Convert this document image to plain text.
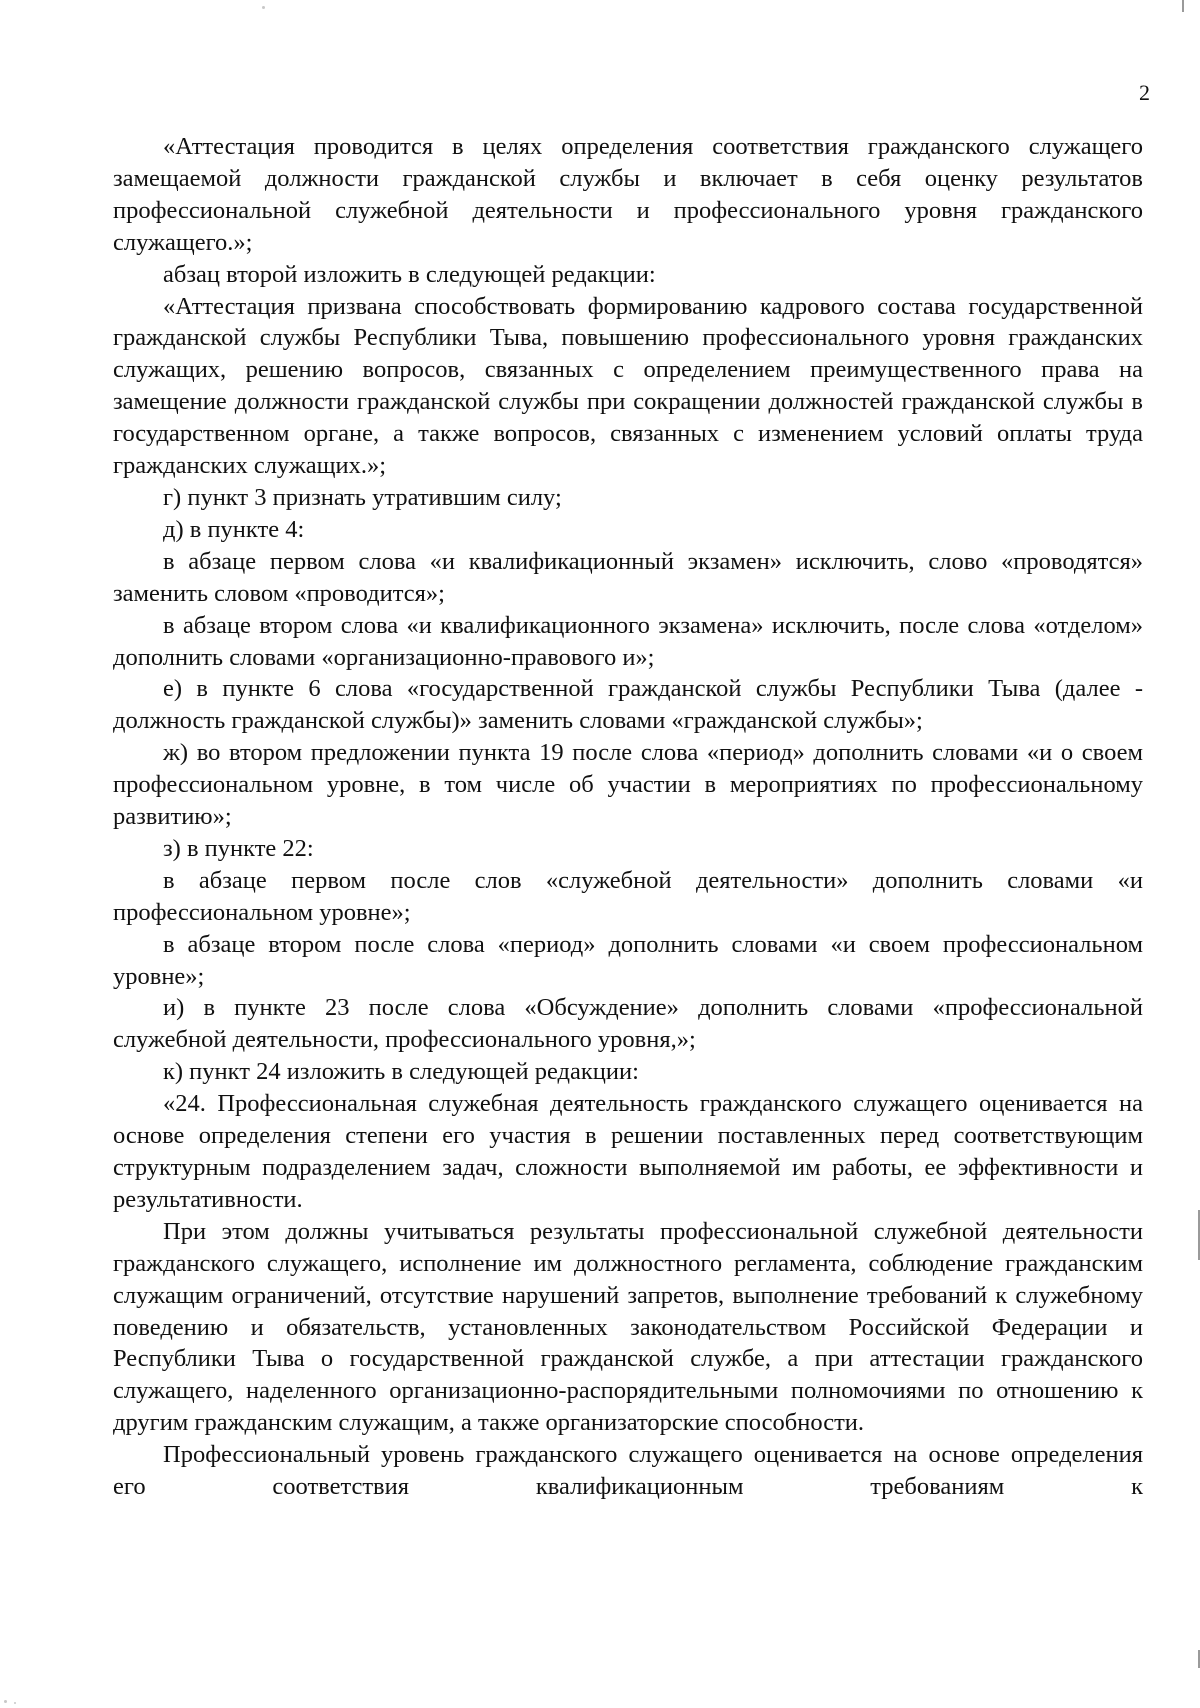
2

«Аттестация проводится в целях определения соответствия гражданского служащего замещаемой должности гражданской службы и включает в себя оценку результатов профессиональной служебной деятельности и профессионального уровня гражданского служащего.»;

абзац второй изложить в следующей редакции:

«Аттестация призвана способствовать формированию кадрового состава государственной гражданской службы Республики Тыва, повышению профессионального уровня гражданских служащих, решению вопросов, связанных с определением преимущественного права на замещение должности гражданской службы при сокращении должностей гражданской службы в государственном органе, а также вопросов, связанных с изменением условий оплаты труда гражданских служащих.»;

г) пункт 3 признать утратившим силу;

д) в пункте 4:

в абзаце первом слова «и квалификационный экзамен» исключить, слово «проводятся» заменить словом «проводится»;

в абзаце втором слова «и квалификационного экзамена» исключить, после слова «отделом» дополнить словами «организационно-правового и»;

е) в пункте 6 слова «государственной гражданской службы Республики Тыва (далее - должность гражданской службы)» заменить словами «гражданской службы»;

ж) во втором предложении пункта 19 после слова «период» дополнить словами «и о своем профессиональном уровне, в том числе об участии в мероприятиях по профессиональному развитию»;

з) в пункте 22:

в абзаце первом после слов «служебной деятельности» дополнить словами «и профессиональном уровне»;

в абзаце втором после слова «период» дополнить словами «и своем профессиональном уровне»;

и) в пункте 23 после слова «Обсуждение» дополнить словами «профессиональной служебной деятельности, профессионального уровня,»;

к) пункт 24 изложить в следующей редакции:

«24. Профессиональная служебная деятельность гражданского служащего оценивается на основе определения степени его участия в решении поставленных перед соответствующим структурным подразделением задач, сложности выполняемой им работы, ее эффективности и результативности.

При этом должны учитываться результаты профессиональной служебной деятельности гражданского служащего, исполнение им должностного регламента, соблюдение гражданским служащим ограничений, отсутствие нарушений запретов, выполнение требований к служебному поведению и обязательств, установленных законодательством Российской Федерации и Республики Тыва о государственной гражданской службе, а при аттестации гражданского служащего, наделенного организационно-распорядительными полномочиями по отношению к другим гражданским служащим, а также организаторские способности.

Профессиональный уровень гражданского служащего оценивается на основе определения его соответствия квалификационным требованиям к
